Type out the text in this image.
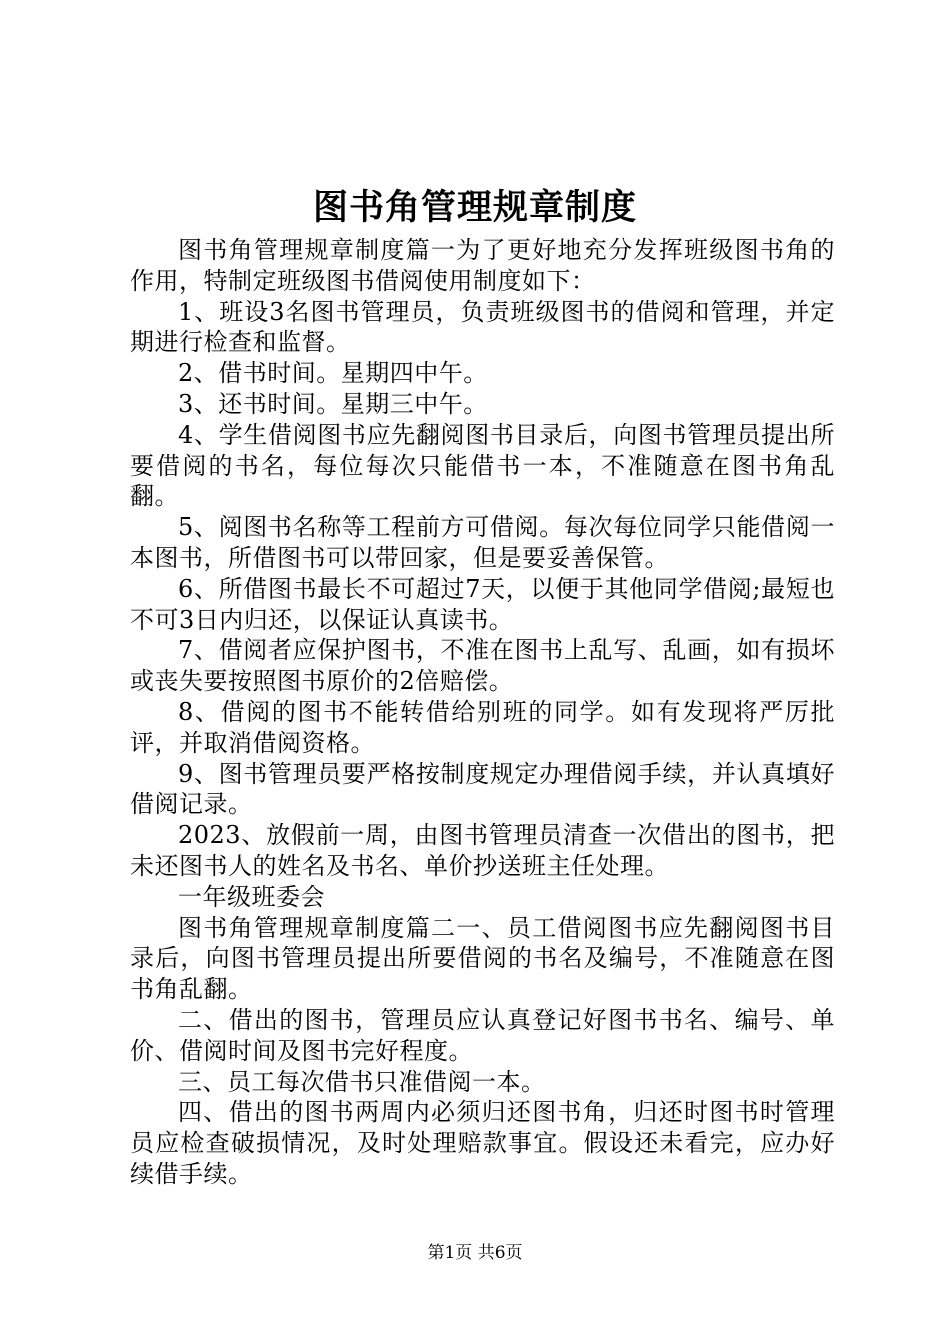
图书角管理规章制度

图书角管理规章制度篇一为了更好地充分发挥班级图书角的作用，特制定班级图书借阅使用制度如下：

1、班设3名图书管理员，负责班级图书的借阅和管理，并定期进行检查和监督。

2、借书时间。星期四中午。

3、还书时间。星期三中午。

4、学生借阅图书应先翻阅图书目录后，向图书管理员提出所要借阅的书名，每位每次只能借书一本，不准随意在图书角乱翻。

5、阅图书名称等工程前方可借阅。每次每位同学只能借阅一本图书，所借图书可以带回家，但是要妥善保管。

6、所借图书最长不可超过7天，以便于其他同学借阅;最短也不可3日内归还，以保证认真读书。

7、借阅者应保护图书，不准在图书上乱写、乱画，如有损坏或丧失要按照图书原价的2倍赔偿。

8、借阅的图书不能转借给别班的同学。如有发现将严厉批评，并取消借阅资格。

9、图书管理员要严格按制度规定办理借阅手续，并认真填好借阅记录。

2023、放假前一周，由图书管理员清查一次借出的图书，把未还图书人的姓名及书名、单价抄送班主任处理。

一年级班委会

图书角管理规章制度篇二一、员工借阅图书应先翻阅图书目录后，向图书管理员提出所要借阅的书名及编号，不准随意在图书角乱翻。

二、借出的图书，管理员应认真登记好图书书名、编号、单价、借阅时间及图书完好程度。

三、员工每次借书只准借阅一本。

四、借出的图书两周内必须归还图书角，归还时图书时管理员应检查破损情况，及时处理赔款事宜。假设还未看完，应办好续借手续。

第1页 共6页
